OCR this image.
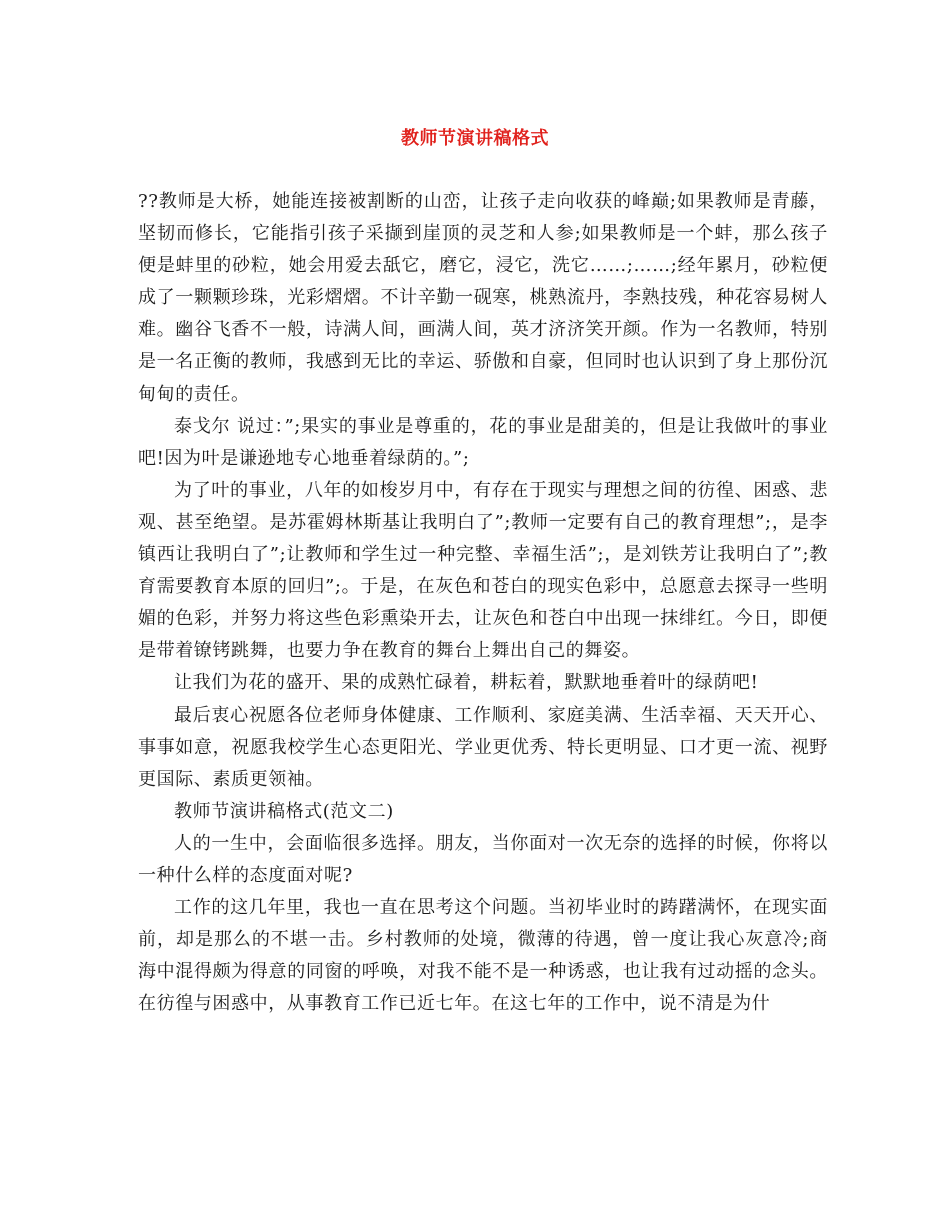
教师节演讲稿格式

??教师是大桥，她能连接被割断的山峦，让孩子走向收获的峰巅;如果教师是青藤，坚韧而修长，它能指引孩子采撷到崖顶的灵芝和人参;如果教师是一个蚌，那么孩子便是蚌里的砂粒，她会用爱去舐它，磨它，浸它，洗它……;……;经年累月，砂粒便成了一颗颗珍珠，光彩熠熠。不计辛勤一砚寒，桃熟流丹，李熟技残，种花容易树人难。幽谷飞香不一般，诗满人间，画满人间，英才济济笑开颜。作为一名教师，特别是一名正衡的教师，我感到无比的幸运、骄傲和自豪，但同时也认识到了身上那份沉甸甸的责任。

泰戈尔 说过：”;果实的事业是尊重的，花的事业是甜美的，但是让我做叶的事业吧!因为叶是谦逊地专心地垂着绿荫的。”;

为了叶的事业，八年的如梭岁月中，有存在于现实与理想之间的彷徨、困惑、悲观、甚至绝望。是苏霍姆林斯基让我明白了”;教师一定要有自己的教育理想”;，是李镇西让我明白了”;让教师和学生过一种完整、幸福生活”;，是刘铁芳让我明白了”;教育需要教育本原的回归”;。于是，在灰色和苍白的现实色彩中，总愿意去探寻一些明媚的色彩，并努力将这些色彩熏染开去，让灰色和苍白中出现一抹绯红。今日，即便是带着镣铐跳舞，也要力争在教育的舞台上舞出自己的舞姿。

让我们为花的盛开、果的成熟忙碌着，耕耘着，默默地垂着叶的绿荫吧!

最后衷心祝愿各位老师身体健康、工作顺利、家庭美满、生活幸福、天天开心、事事如意，祝愿我校学生心态更阳光、学业更优秀、特长更明显、口才更一流、视野更国际、素质更领袖。

教师节演讲稿格式(范文二)

人的一生中，会面临很多选择。朋友，当你面对一次无奈的选择的时候，你将以一种什么样的态度面对呢?

工作的这几年里，我也一直在思考这个问题。当初毕业时的踌躇满怀，在现实面前，却是那么的不堪一击。乡村教师的处境，微薄的待遇，曾一度让我心灰意冷;商海中混得颇为得意的同窗的呼唤，对我不能不是一种诱惑，也让我有过动摇的念头。在彷徨与困惑中，从事教育工作已近七年。在这七年的工作中，说不清是为什
